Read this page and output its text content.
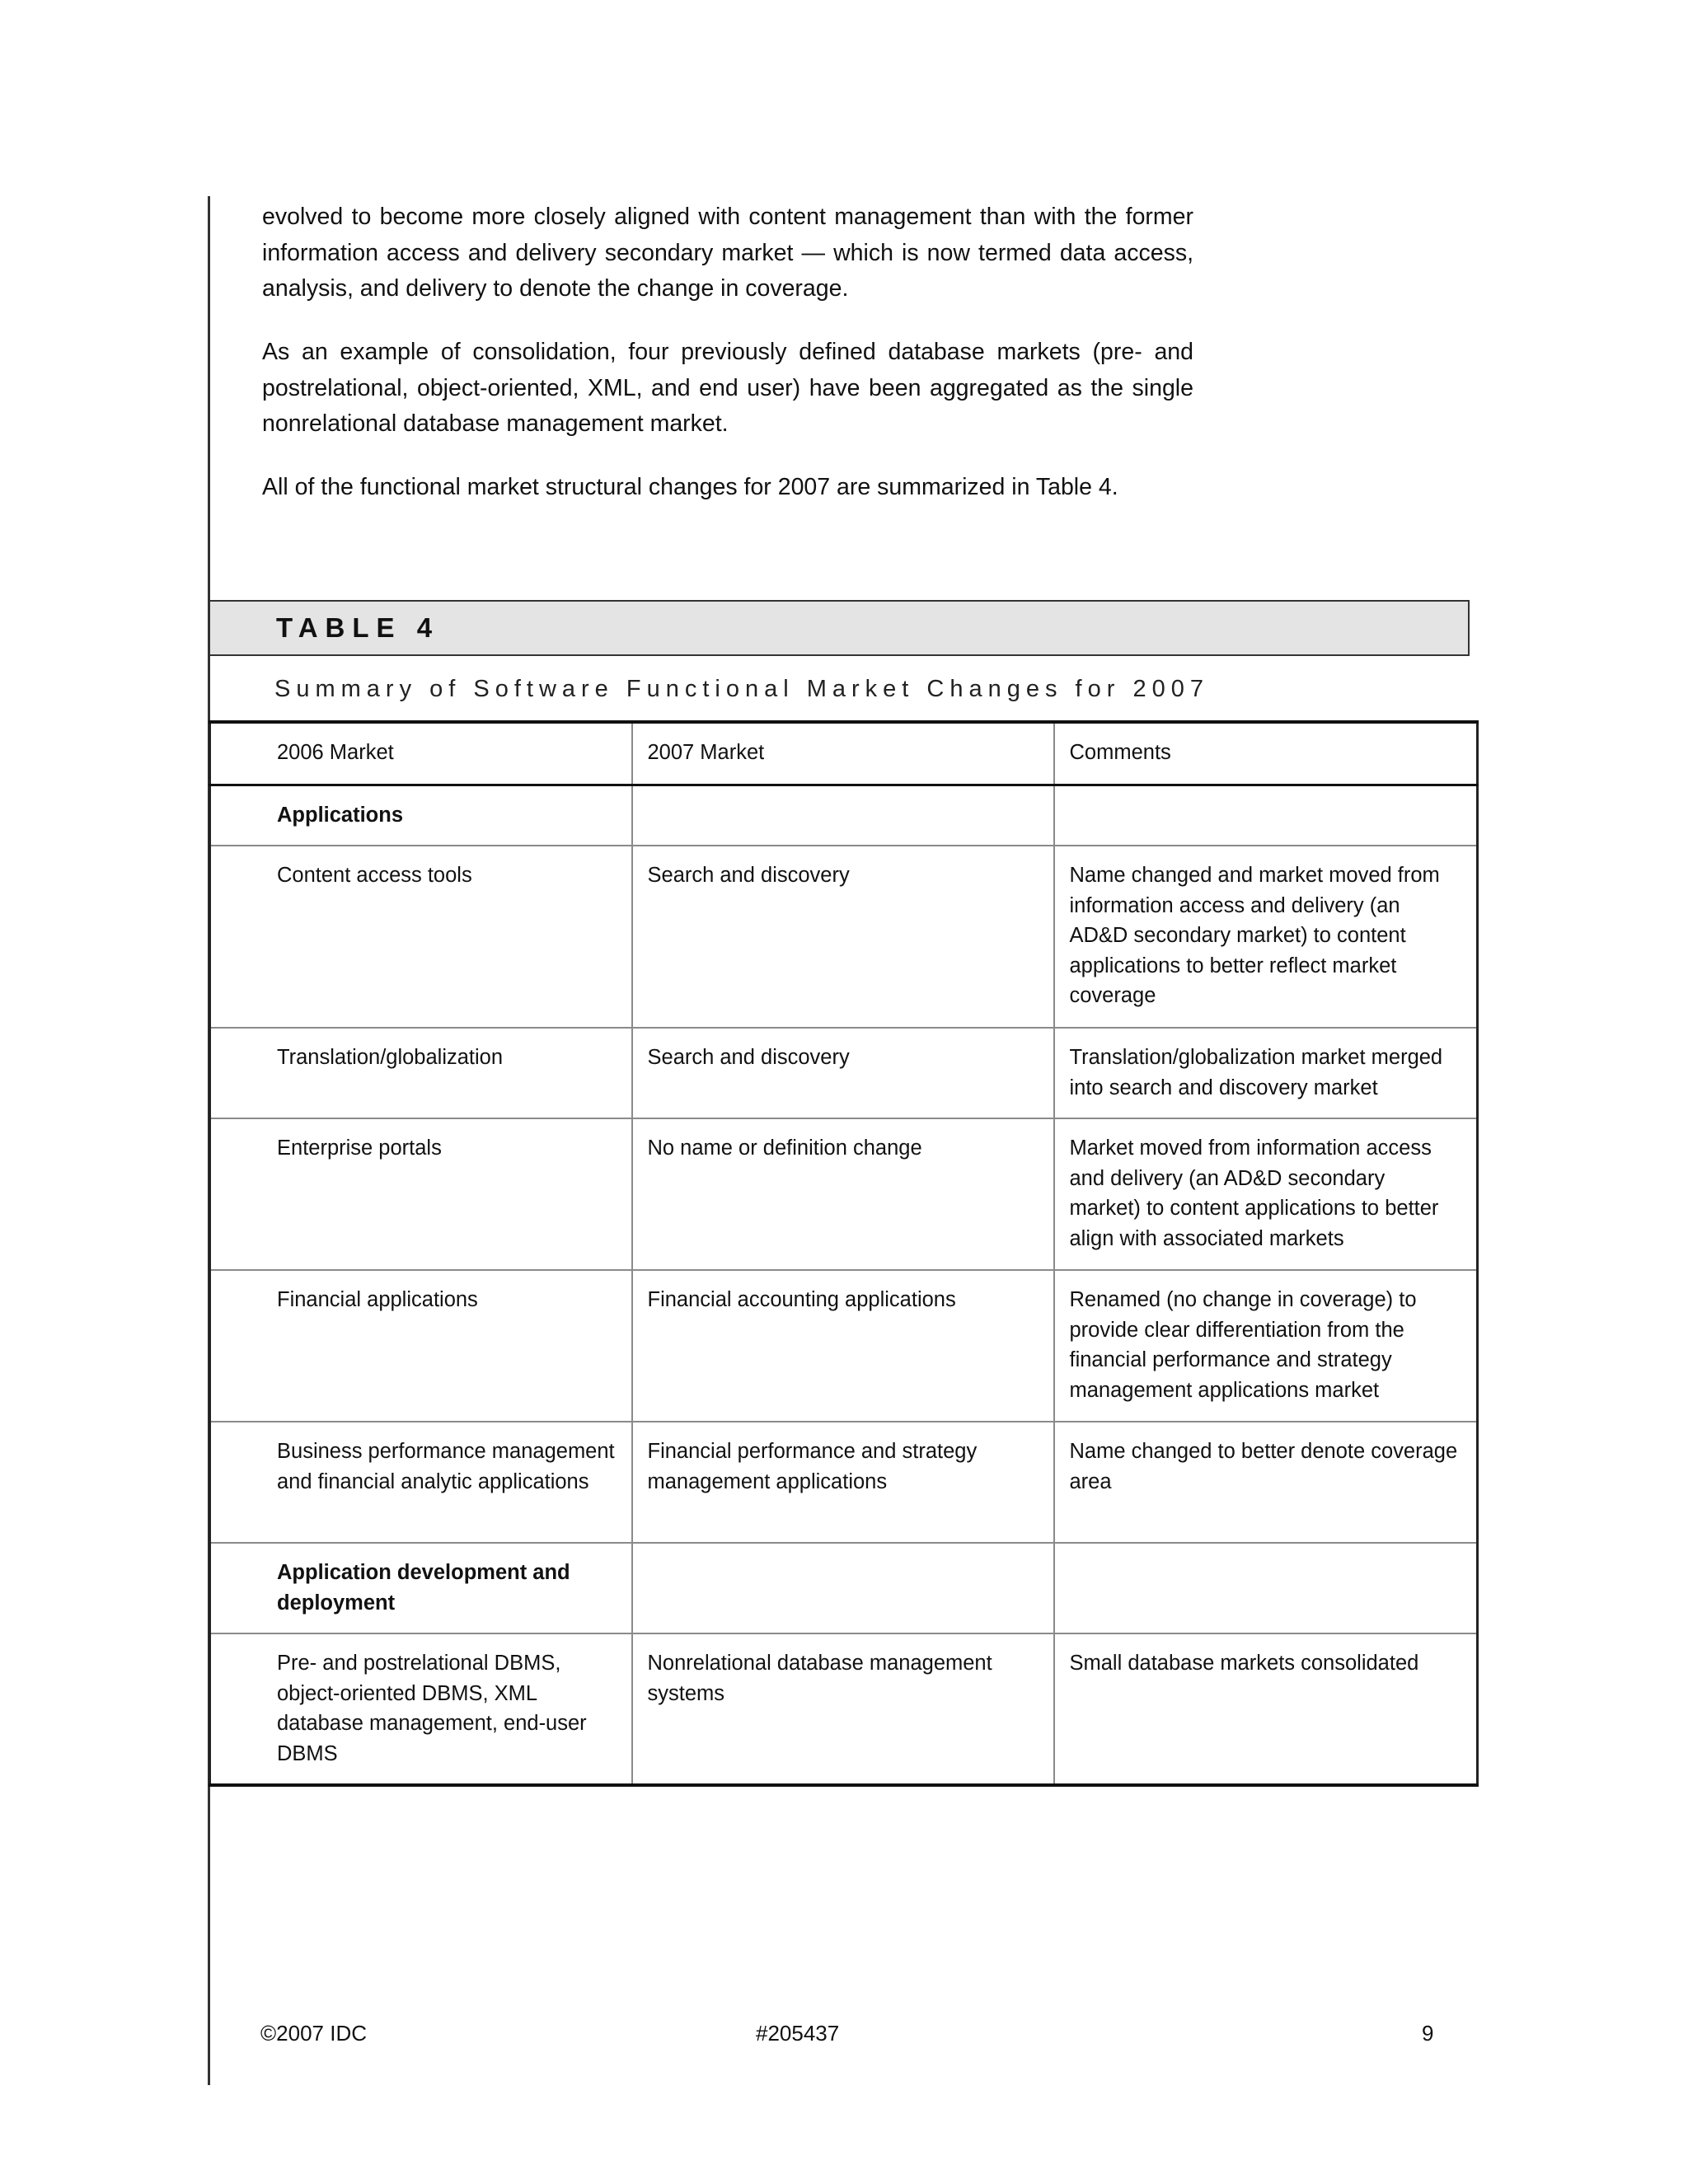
evolved to become more closely aligned with content management than with the former information access and delivery secondary market — which is now termed data access, analysis, and delivery to denote the change in coverage.

As an example of consolidation, four previously defined database markets (pre- and postrelational, object-oriented, XML, and end user) have been aggregated as the single nonrelational database management market.

All of the functional market structural changes for 2007 are summarized in Table 4.

TABLE 4
Summary of Software Functional Market Changes for 2007
2006 Market	2007 Market	Comments
Applications		
Content access tools	Search and discovery	Name changed and market moved from information access and delivery (an AD&D secondary market) to content applications to better reflect market coverage
Translation/globalization	Search and discovery	Translation/globalization market merged into search and discovery market
Enterprise portals	No name or definition change	Market moved from information access and delivery (an AD&D secondary market) to content applications to better align with associated markets
Financial applications	Financial accounting applications	Renamed (no change in coverage) to provide clear differentiation from the financial performance and strategy management applications market
Business performance management and financial analytic applications	Financial performance and strategy management applications	Name changed to better denote coverage area
Application development and deployment		
Pre- and postrelational DBMS, object-oriented DBMS, XML database management, end-user DBMS	Nonrelational database management systems	Small database markets consolidated
©2007 IDC	#205437	9
